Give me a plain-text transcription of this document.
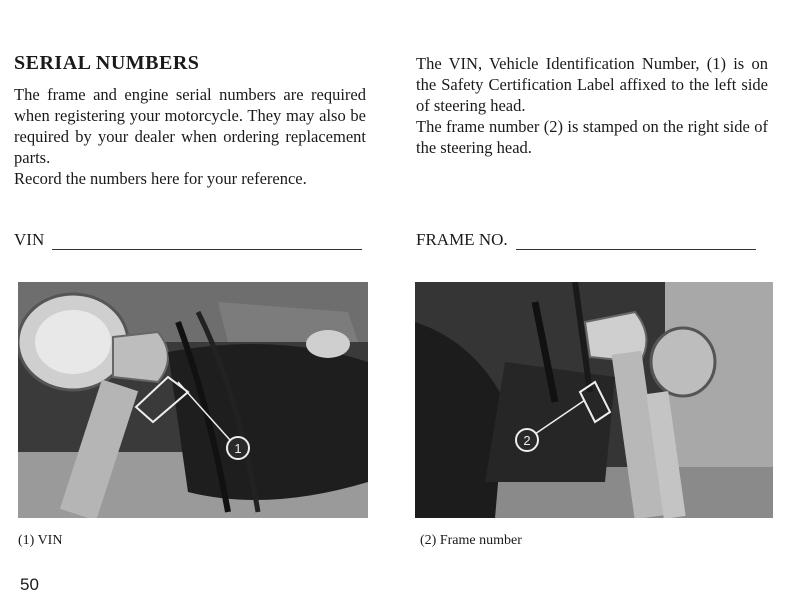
SERIAL NUMBERS

The frame and engine serial numbers are required when registering your motorcycle. They may also be required by your dealer when ordering replacement parts.

Record the numbers here for your reference.

The VIN, Vehicle Identification Number, (1) is on the Safety Certification Label affixed to the left side of steering head.

The frame number (2) is stamped on the right side of the steering head.

VIN	FRAME NO.
1
2
(1) VIN	(2) Frame number
50
